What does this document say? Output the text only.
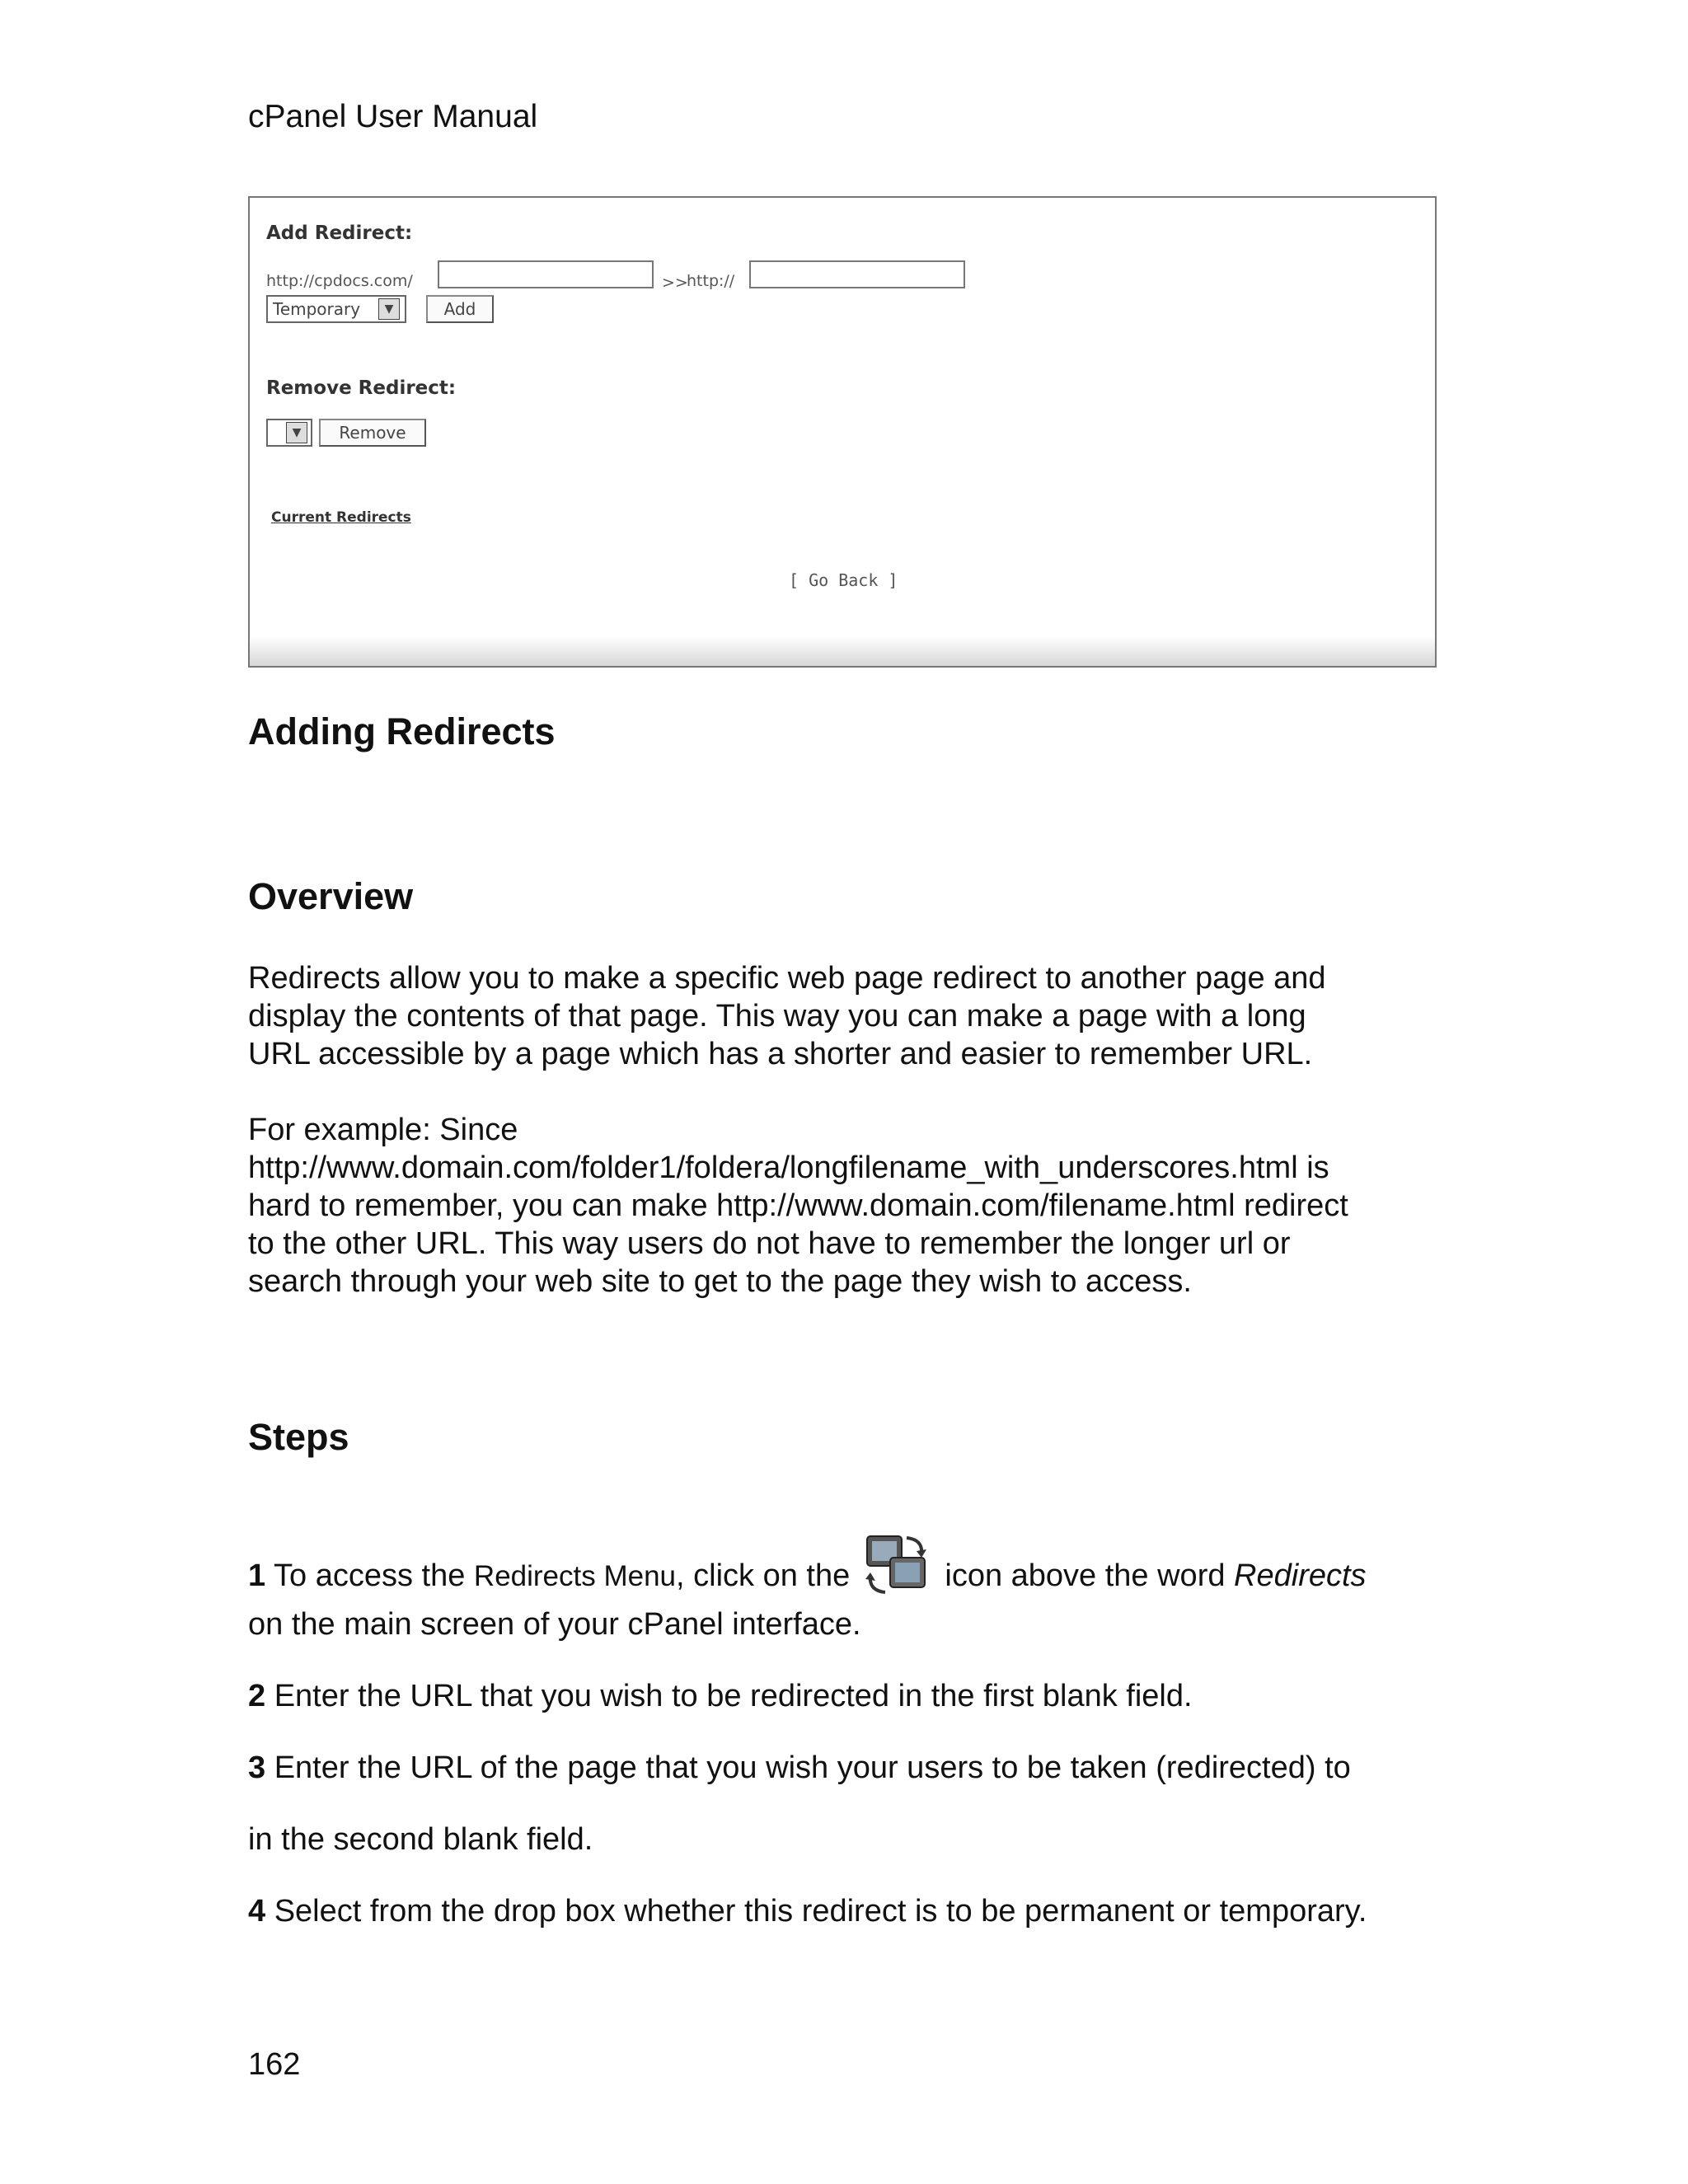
cPanel User Manual
Add Redirect:
http://cpdocs.com/	>>
http://
Temporary	▼	Add
Remove Redirect:
▼	Remove
Current Redirects
[ Go Back ]
Adding Redirects
Overview
Redirects allow you to make a specific web page redirect to another page and
display the contents of that page. This way you can make a page with a long
URL accessible by a page which has a shorter and easier to remember URL.
For example: Since
http://www.domain.com/folder1/foldera/longfilename_with_underscores.html is
hard to remember, you can make http://www.domain.com/filename.html redirect
to the other URL. This way users do not have to remember the longer url or
search through your web site to get to the page they wish to access.
Steps
1 To access the Redirects Menu, click on the	icon above the word Redirects
on the main screen of your cPanel interface.
2 Enter the URL that you wish to be redirected in the first blank field.
3 Enter the URL of the page that you wish your users to be taken (redirected) to
in the second blank field.
4 Select from the drop box whether this redirect is to be permanent or temporary.
162
